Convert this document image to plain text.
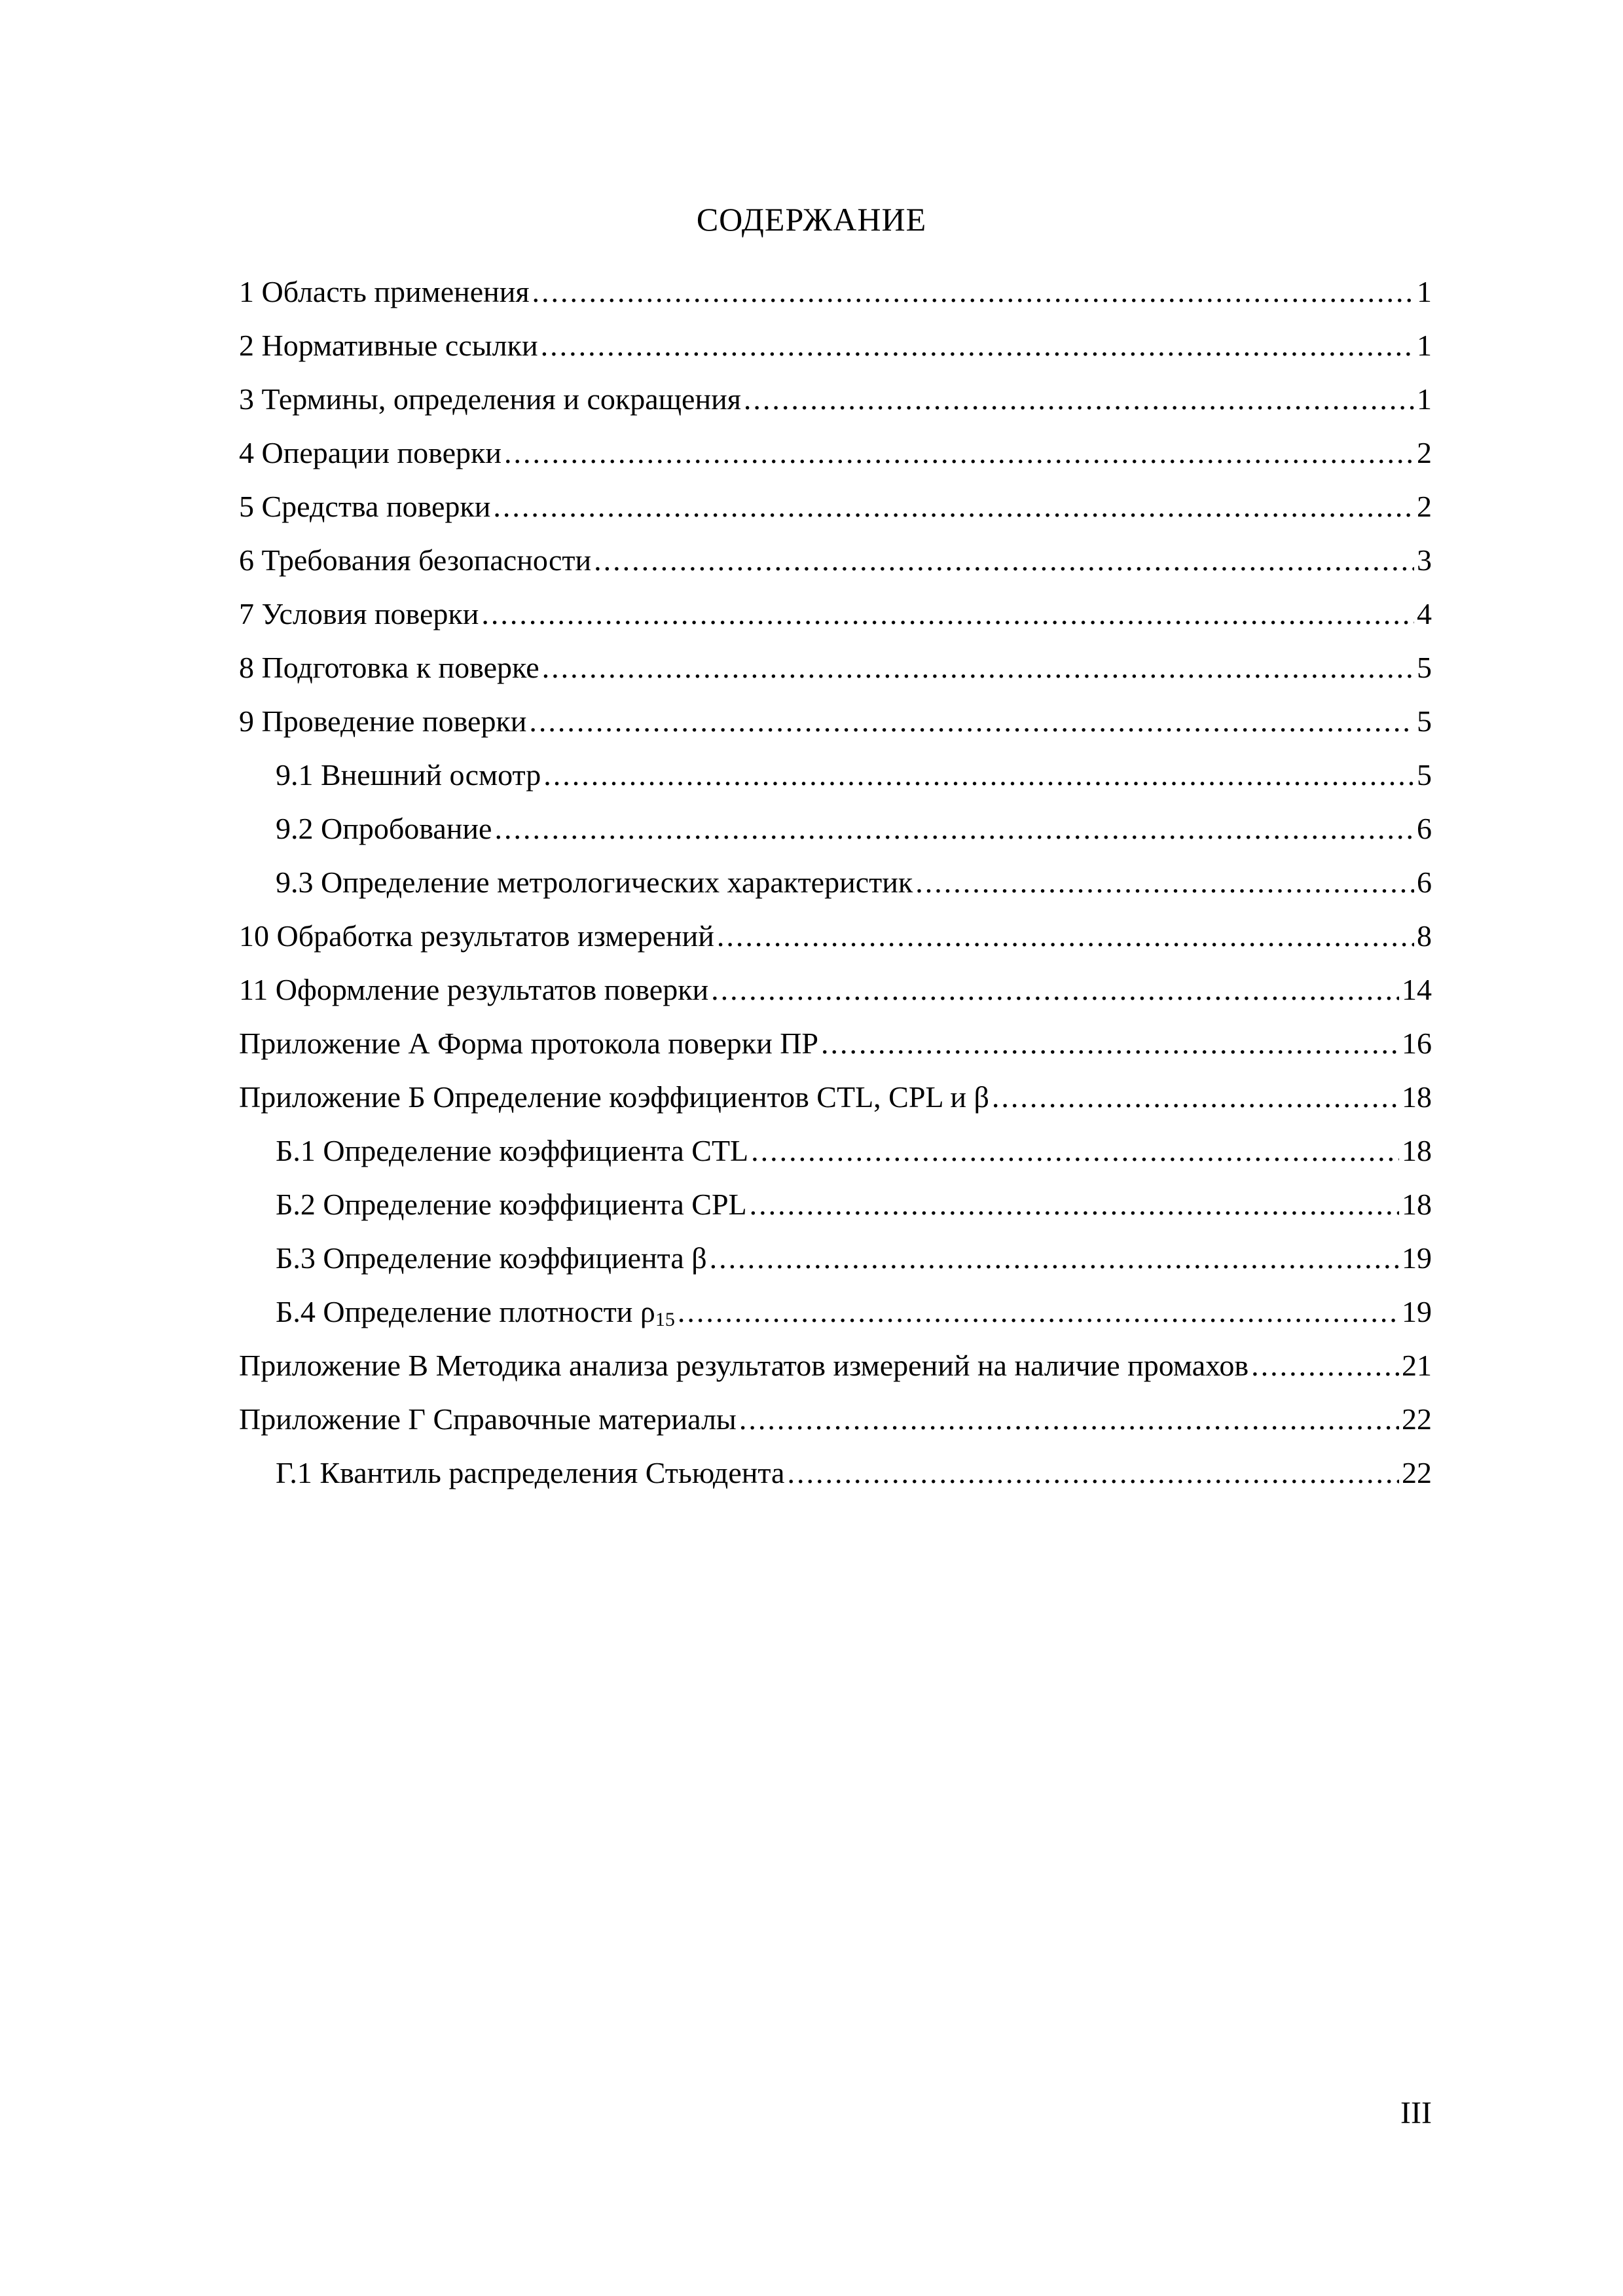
СОДЕРЖАНИЕ
1 Область применения .....	1
2 Нормативные ссылки .....	1
3 Термины, определения и сокращения .....	1
4 Операции поверки .....	2
5 Средства поверки .....	2
6 Требования безопасности .....	3
7 Условия поверки .....	4
8 Подготовка к поверке .....	5
9 Проведение поверки .....	5
9.1 Внешний осмотр .....	5
9.2 Опробование .....	6
9.3 Определение метрологических характеристик .....	6
10 Обработка результатов измерений .....	8
11 Оформление результатов поверки .....	14
Приложение А Форма протокола поверки ПР .....	16
Приложение Б Определение коэффициентов CTL, CPL и β .....	18
Б.1 Определение коэффициента CTL .....	18
Б.2 Определение коэффициента CPL .....	18
Б.3 Определение коэффициента β .....	19
Б.4 Определение плотности $\rho_{15}$ .....	19
Приложение В Методика анализа результатов измерений на наличие промахов .....	21
Приложение Г Справочные материалы .....	22
Г.1 Квантиль распределения Стьюдента .....	22
III
